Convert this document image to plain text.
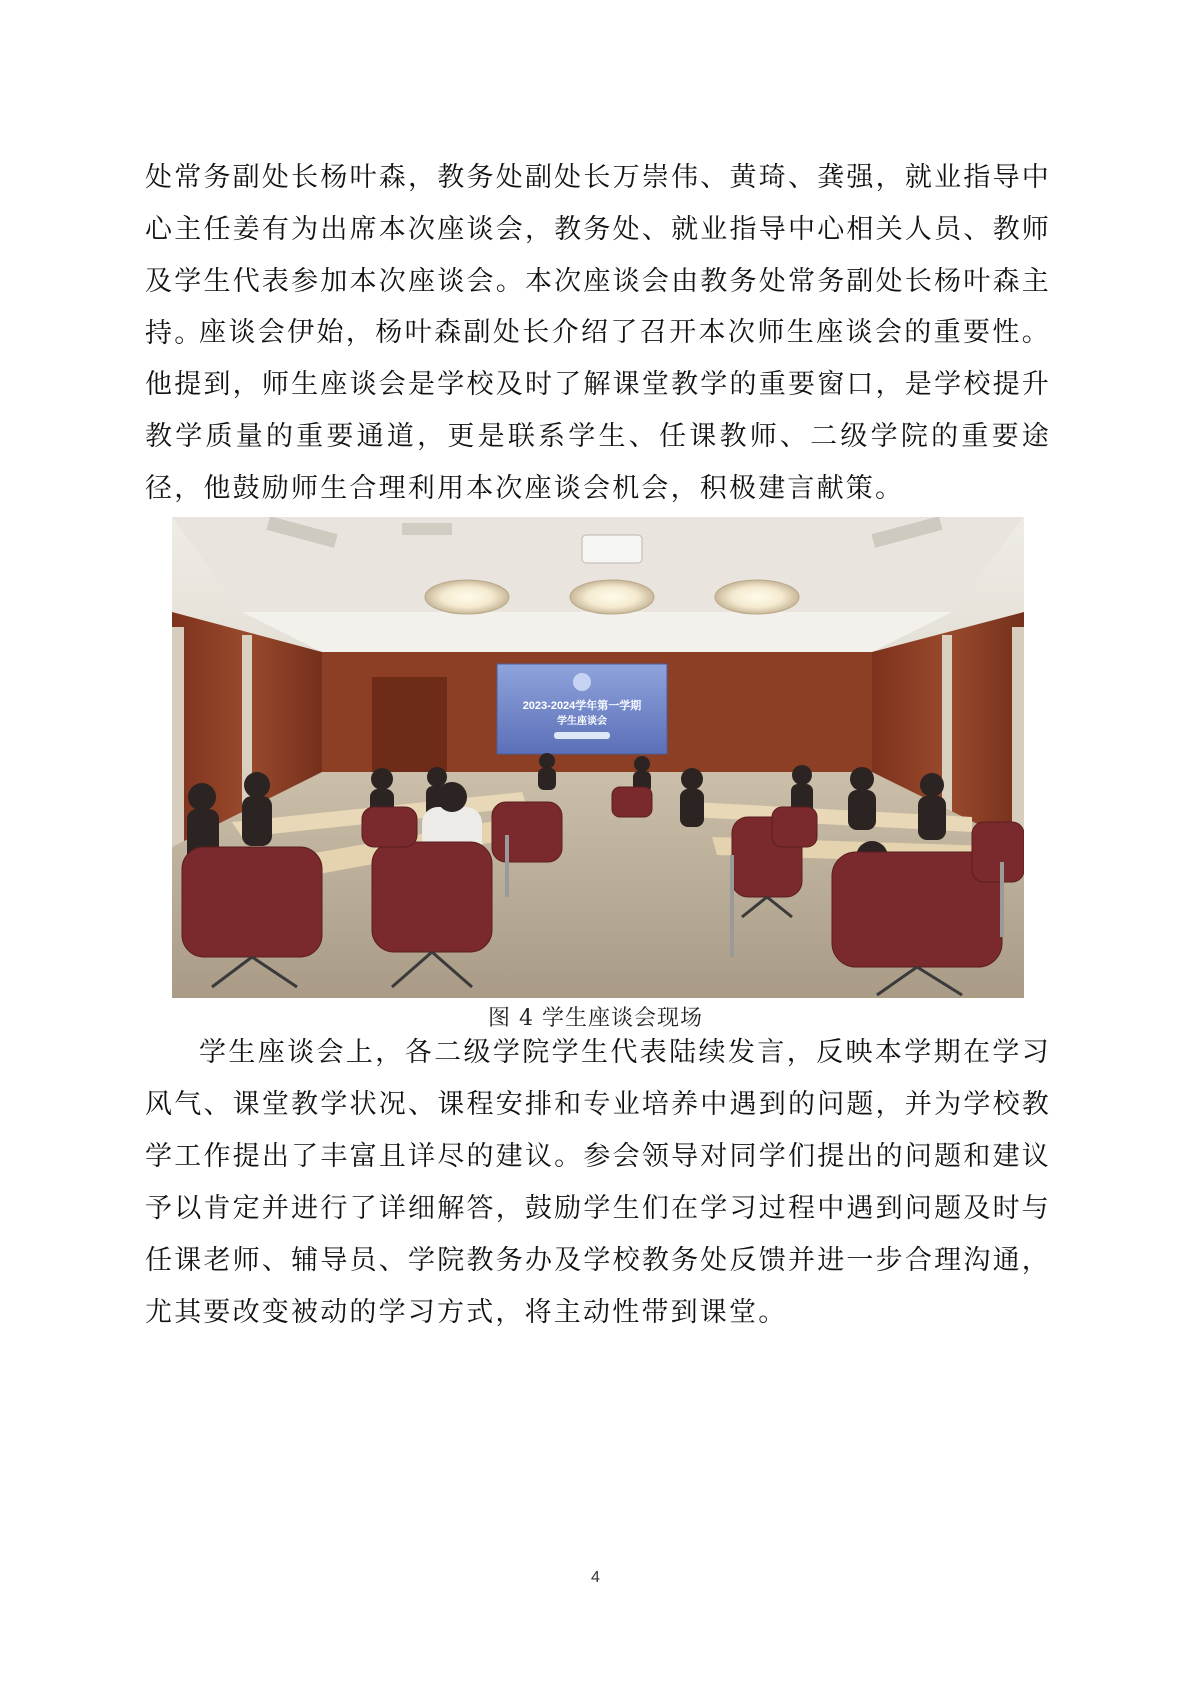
处常务副处长杨叶森，教务处副处长万崇伟、黄琦、龚强，就业指导中心主任姜有为出席本次座谈会，教务处、就业指导中心相关人员、教师及学生代表参加本次座谈会。本次座谈会由教务处常务副处长杨叶森主持。

座谈会伊始，杨叶森副处长介绍了召开本次师生座谈会的重要性。他提到，师生座谈会是学校及时了解课堂教学的重要窗口，是学校提升教学质量的重要通道，更是联系学生、任课教师、二级学院的重要途径，他鼓励师生合理利用本次座谈会机会，积极建言献策。

2023-2024学年第一学期
学生座谈会
图 4 学生座谈会现场

学生座谈会上，各二级学院学生代表陆续发言，反映本学期在学习风气、课堂教学状况、课程安排和专业培养中遇到的问题，并为学校教学工作提出了丰富且详尽的建议。参会领导对同学们提出的问题和建议予以肯定并进行了详细解答，鼓励学生们在学习过程中遇到问题及时与任课老师、辅导员、学院教务办及学校教务处反馈并进一步合理沟通，尤其要改变被动的学习方式，将主动性带到课堂。

4
